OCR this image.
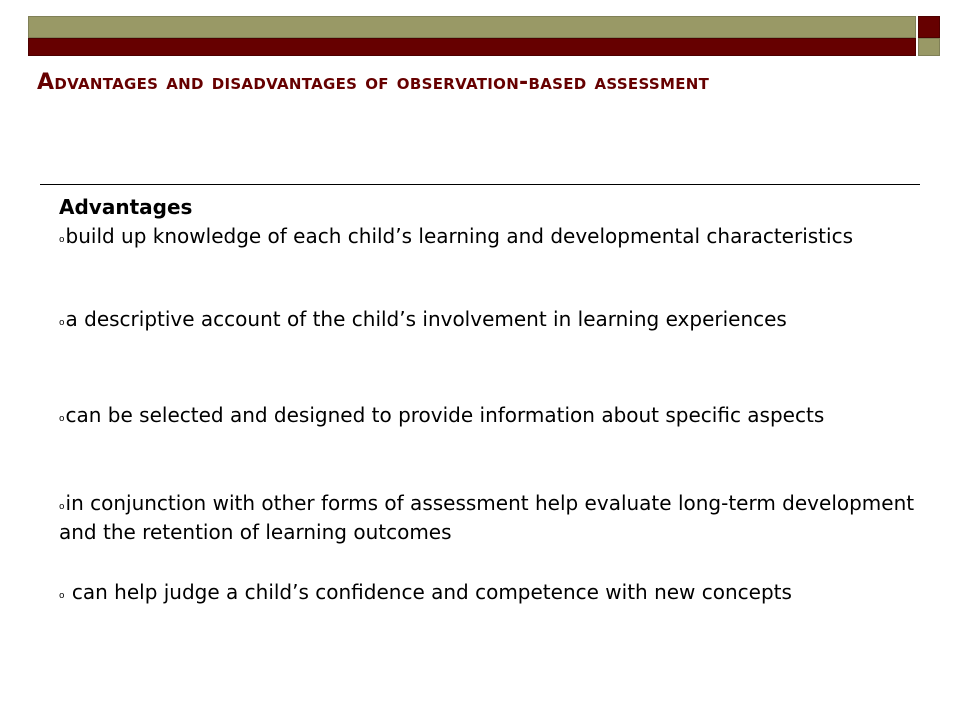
Advantages and disadvantages of observation-based assessment

Advantages

obuild up knowledge of each child’s learning and developmental characteristics
oa descriptive account of the child’s involvement in learning experiences
ocan be selected and designed to provide information about specific aspects
oin conjunction with other forms of assessment help evaluate long-term development and the retention of learning outcomes
o can help judge a child’s confidence and competence with new concepts
